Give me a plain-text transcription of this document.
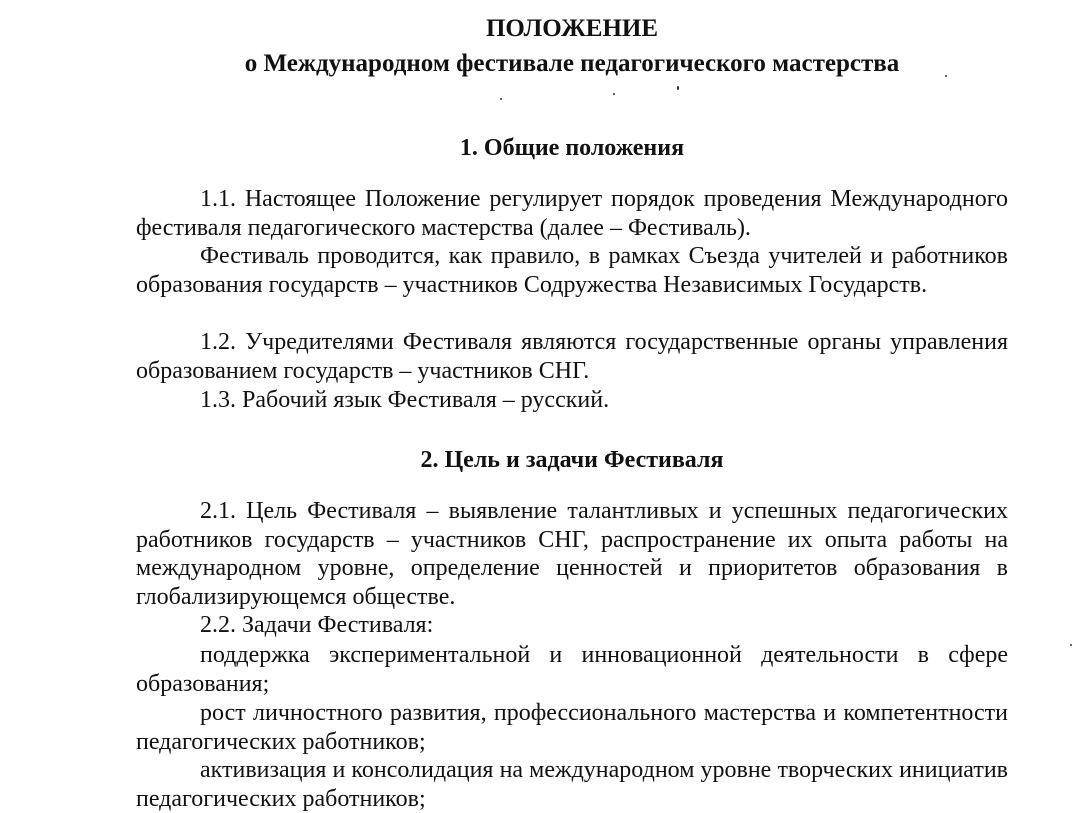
ПОЛОЖЕНИЕ
о Международном фестивале педагогического мастерства
1. Общие положения

1.1. Настоящее Положение регулирует порядок проведения Международного фестиваля педагогического мастерства (далее – Фестиваль).

Фестиваль проводится, как правило, в рамках Съезда учителей и работников образования государств – участников Содружества Независимых Государств.

1.2. Учредителями Фестиваля являются государственные органы управления образованием государств – участников СНГ.

1.3. Рабочий язык Фестиваля – русский.

2. Цель и задачи Фестиваля

2.1. Цель Фестиваля – выявление талантливых и успешных педагогических работников государств – участников СНГ, распространение их опыта работы на международном уровне, определение ценностей и приоритетов образования в глобализирующемся обществе.

2.2. Задачи Фестиваля:

поддержка экспериментальной и инновационной деятельности в сфере образования;

рост личностного развития, профессионального мастерства и компетентности педагогических работников;

активизация и консолидация на международном уровне творческих инициатив педагогических работников;
